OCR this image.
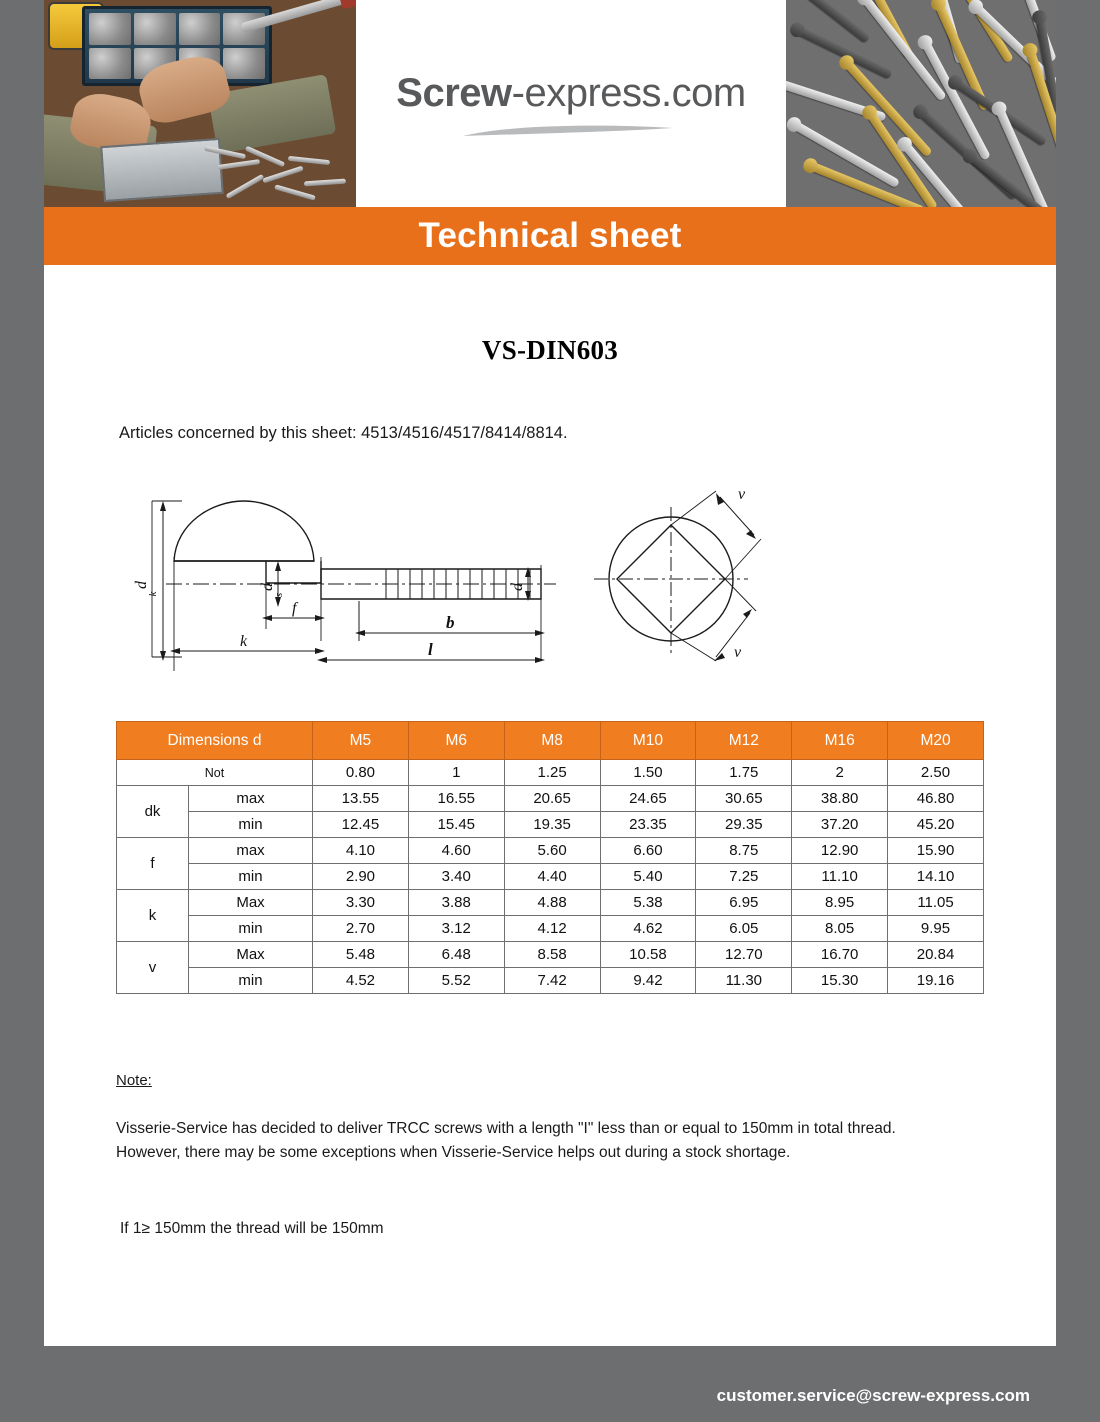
Screw-express.com
Technical sheet
VS-DIN603
Articles concerned by this sheet: 4513/4516/4517/8414/8814.
d
k
d
s
d
f
k
b
l
v
v
Dimensions d		M5	M6	M8	M10	M12	M16	M20
Not		0.80	1	1.25	1.50	1.75	2	2.50
dk	max	13.55	16.55	20.65	24.65	30.65	38.80	46.80
	min	12.45	15.45	19.35	23.35	29.35	37.20	45.20
f	max	4.10	4.60	5.60	6.60	8.75	12.90	15.90
	min	2.90	3.40	4.40	5.40	7.25	11.10	14.10
k	Max	3.30	3.88	4.88	5.38	6.95	8.95	11.05
	min	2.70	3.12	4.12	4.62	6.05	8.05	9.95
v	Max	5.48	6.48	8.58	10.58	12.70	16.70	20.84
	min	4.52	5.52	7.42	9.42	11.30	15.30	19.16
Note:
Visserie-Service has decided to deliver TRCC screws with a length "I" less than or equal to 150mm in total thread. However, there may be some exceptions when Visserie-Service helps out during a stock shortage.
If 1≥ 150mm the thread will be 150mm
customer.service@screw-express.com
